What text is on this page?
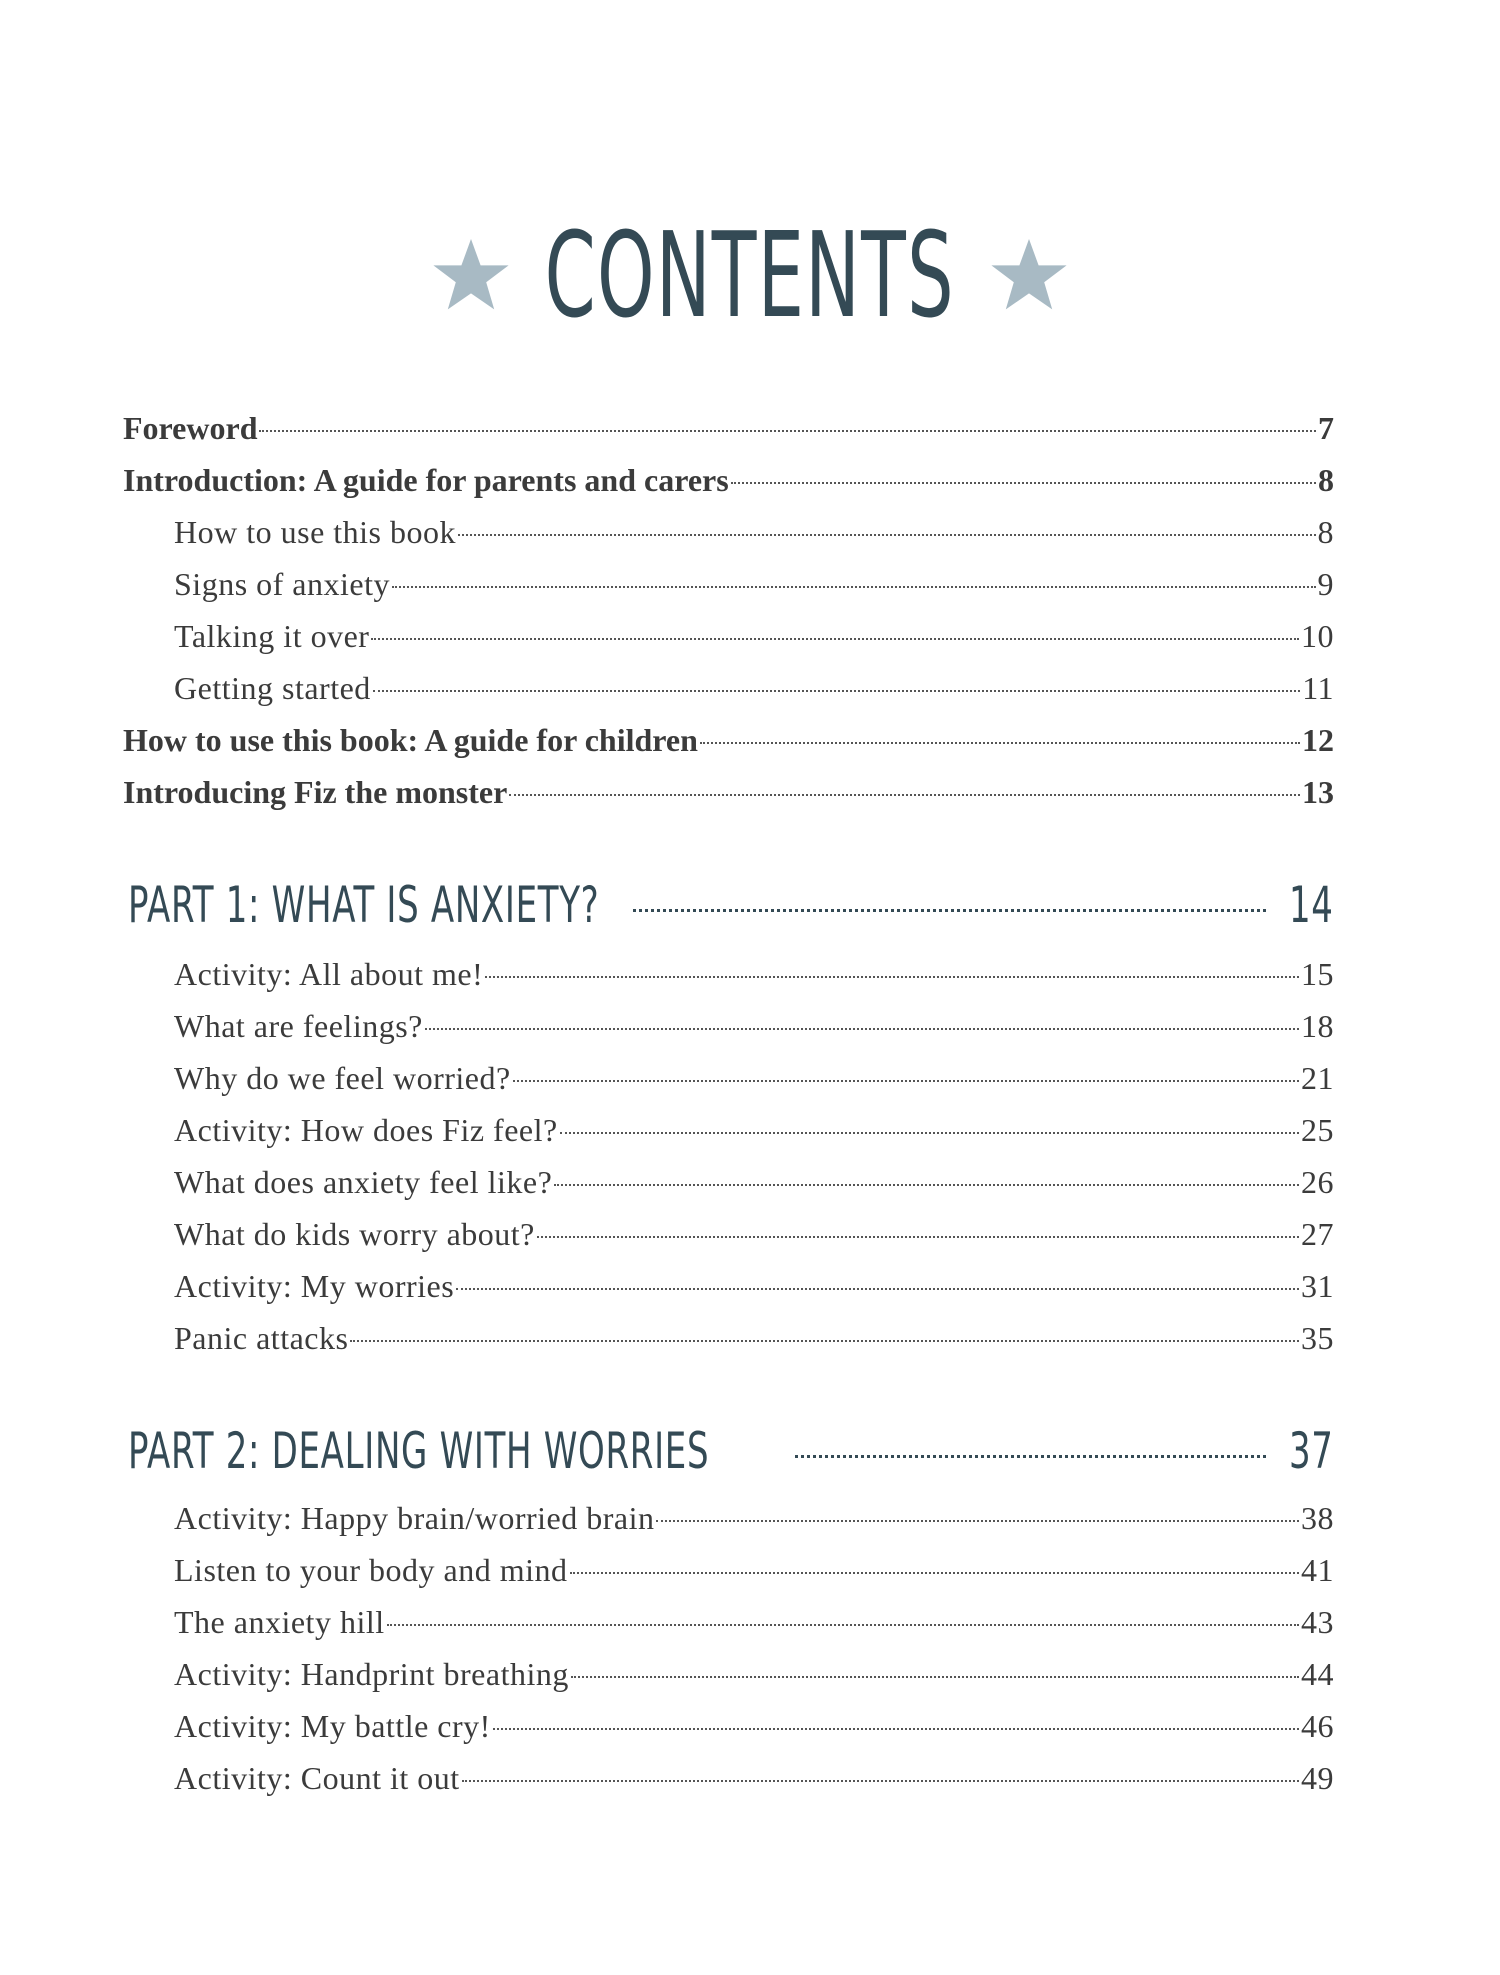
CONTENTS
Foreword	7
Introduction: A guide for parents and carers	8
How to use this book	8
Signs of anxiety	9
Talking it over	10
Getting started	11
How to use this book: A guide for children	12
Introducing Fiz the monster	13
PART 1: WHAT IS ANXIETY?	14
Activity: All about me!	15
What are feelings?	18
Why do we feel worried?	21
Activity: How does Fiz feel?	25
What does anxiety feel like?	26
What do kids worry about?	27
Activity: My worries	31
Panic attacks	35
PART 2: DEALING WITH WORRIES	37
Activity: Happy brain/worried brain	38
Listen to your body and mind	41
The anxiety hill	43
Activity: Handprint breathing	44
Activity: My battle cry!	46
Activity: Count it out	49
